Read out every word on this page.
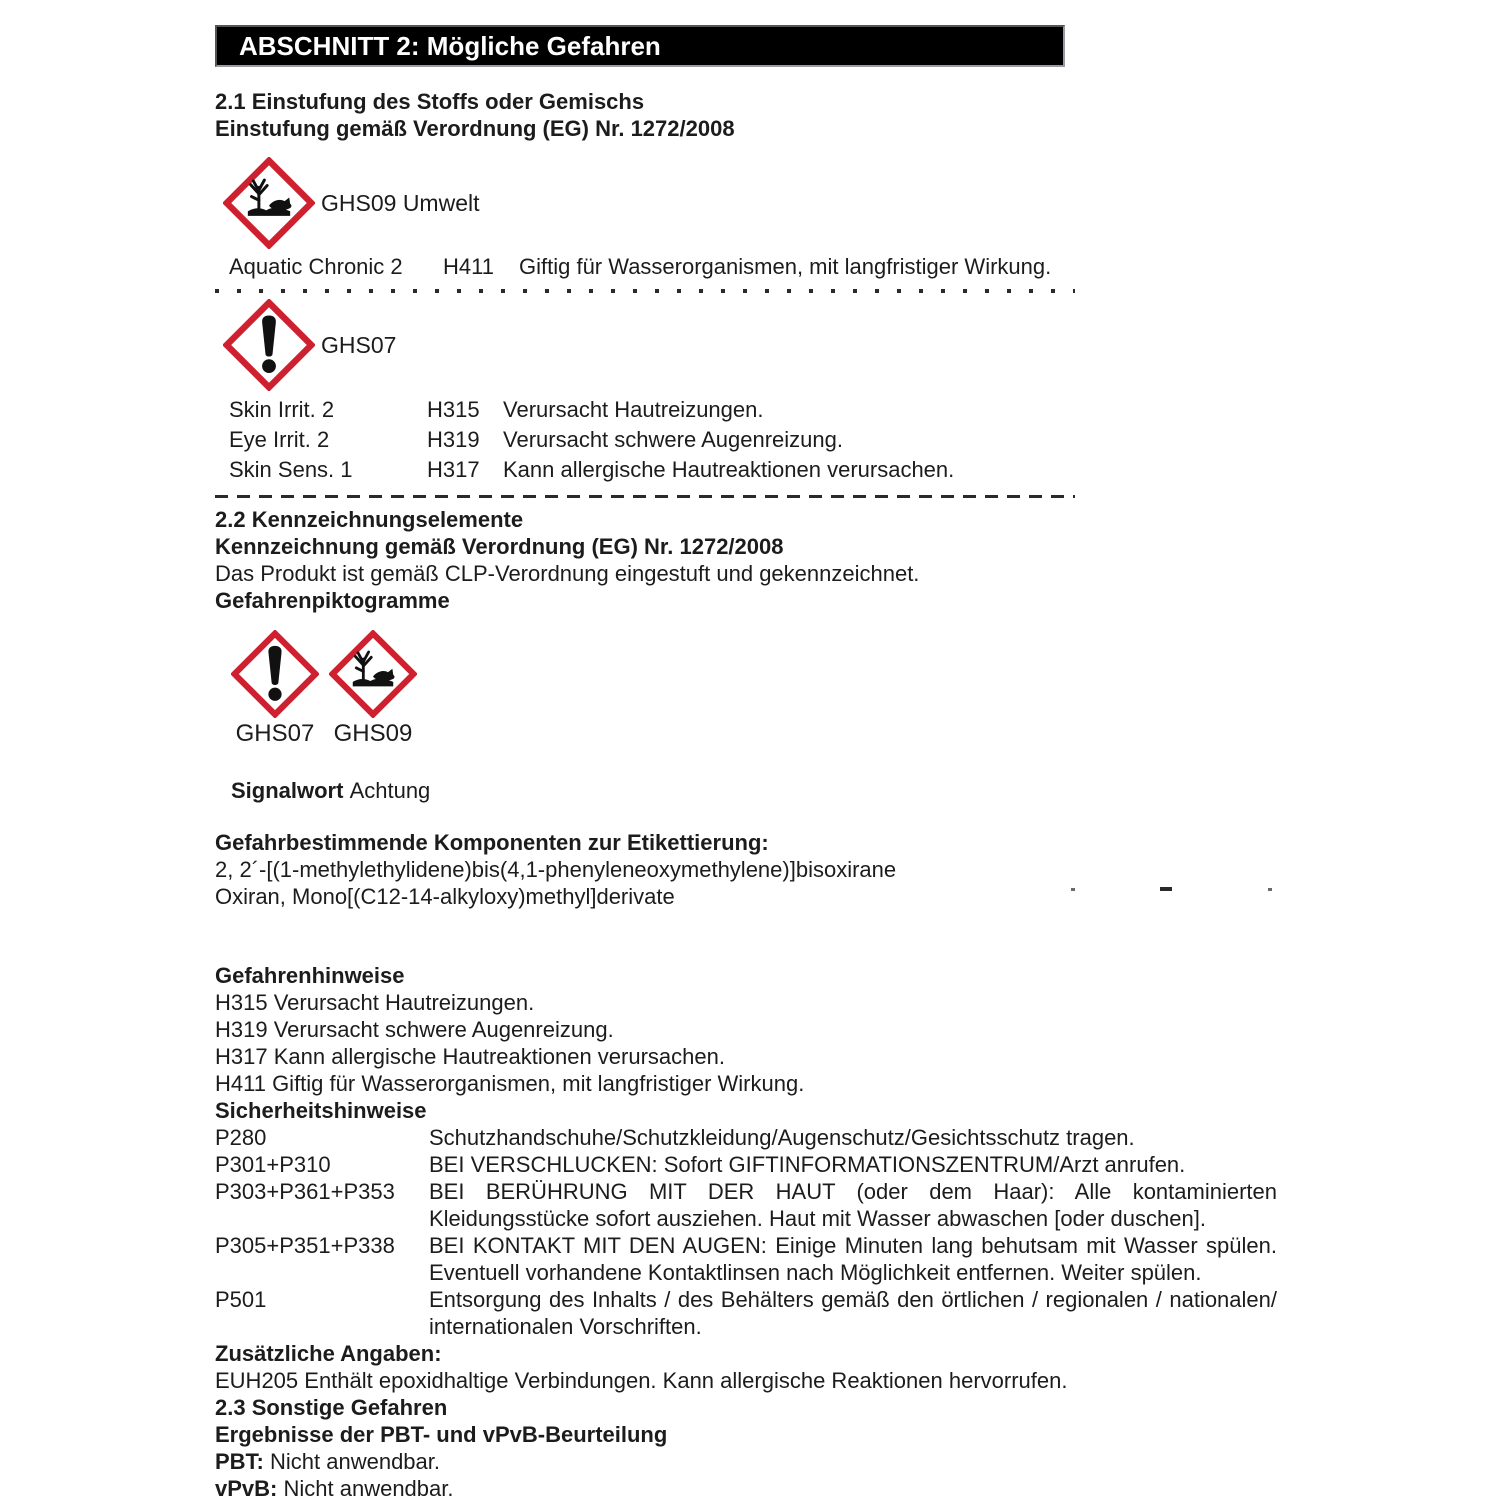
ABSCHNITT 2: Mögliche Gefahren
2.1 Einstufung des Stoffs oder Gemischs
Einstufung gemäß Verordnung (EG) Nr. 1272/2008
GHS09 Umwelt
Aquatic Chronic 2	H411	Giftig für Wasserorganismen, mit langfristiger Wirkung.
GHS07
Skin Irrit. 2	H315	Verursacht Hautreizungen.
Eye Irrit. 2	H319	Verursacht schwere Augenreizung.
Skin Sens. 1	H317	Kann allergische Hautreaktionen verursachen.
2.2 Kennzeichnungselemente
Kennzeichnung gemäß Verordnung (EG) Nr. 1272/2008
Das Produkt ist gemäß CLP-Verordnung eingestuft und gekennzeichnet.
Gefahrenpiktogramme
GHS07 GHS09
Signalwort Achtung
Gefahrbestimmende Komponenten zur Etikettierung:
2, 2´-[(1-methylethylidene)bis(4,1-phenyleneoxymethylene)]bisoxirane
Oxiran, Mono[(C12-14-alkyloxy)methyl]derivate
Gefahrenhinweise
H315 Verursacht Hautreizungen.
H319 Verursacht schwere Augenreizung.
H317 Kann allergische Hautreaktionen verursachen.
H411 Giftig für Wasserorganismen, mit langfristiger Wirkung.
Sicherheitshinweise
P280	Schutzhandschuhe/Schutzkleidung/Augenschutz/Gesichtsschutz tragen.
P301+P310	BEI VERSCHLUCKEN: Sofort GIFTINFORMATIONSZENTRUM/Arzt anrufen.
P303+P361+P353	BEI BERÜHRUNG MIT DER HAUT (oder dem Haar): Alle kontaminierten Kleidungsstücke sofort ausziehen. Haut mit Wasser abwaschen [oder duschen].
P305+P351+P338	BEI KONTAKT MIT DEN AUGEN: Einige Minuten lang behutsam mit Wasser spülen. Eventuell vorhandene Kontaktlinsen nach Möglichkeit entfernen. Weiter spülen.
P501	Entsorgung des Inhalts / des Behälters gemäß den örtlichen / regionalen / nationalen/ internationalen Vorschriften.
Zusätzliche Angaben:
EUH205 Enthält epoxidhaltige Verbindungen. Kann allergische Reaktionen hervorrufen.
2.3 Sonstige Gefahren
Ergebnisse der PBT- und vPvB-Beurteilung
PBT: Nicht anwendbar.
vPvB: Nicht anwendbar.
